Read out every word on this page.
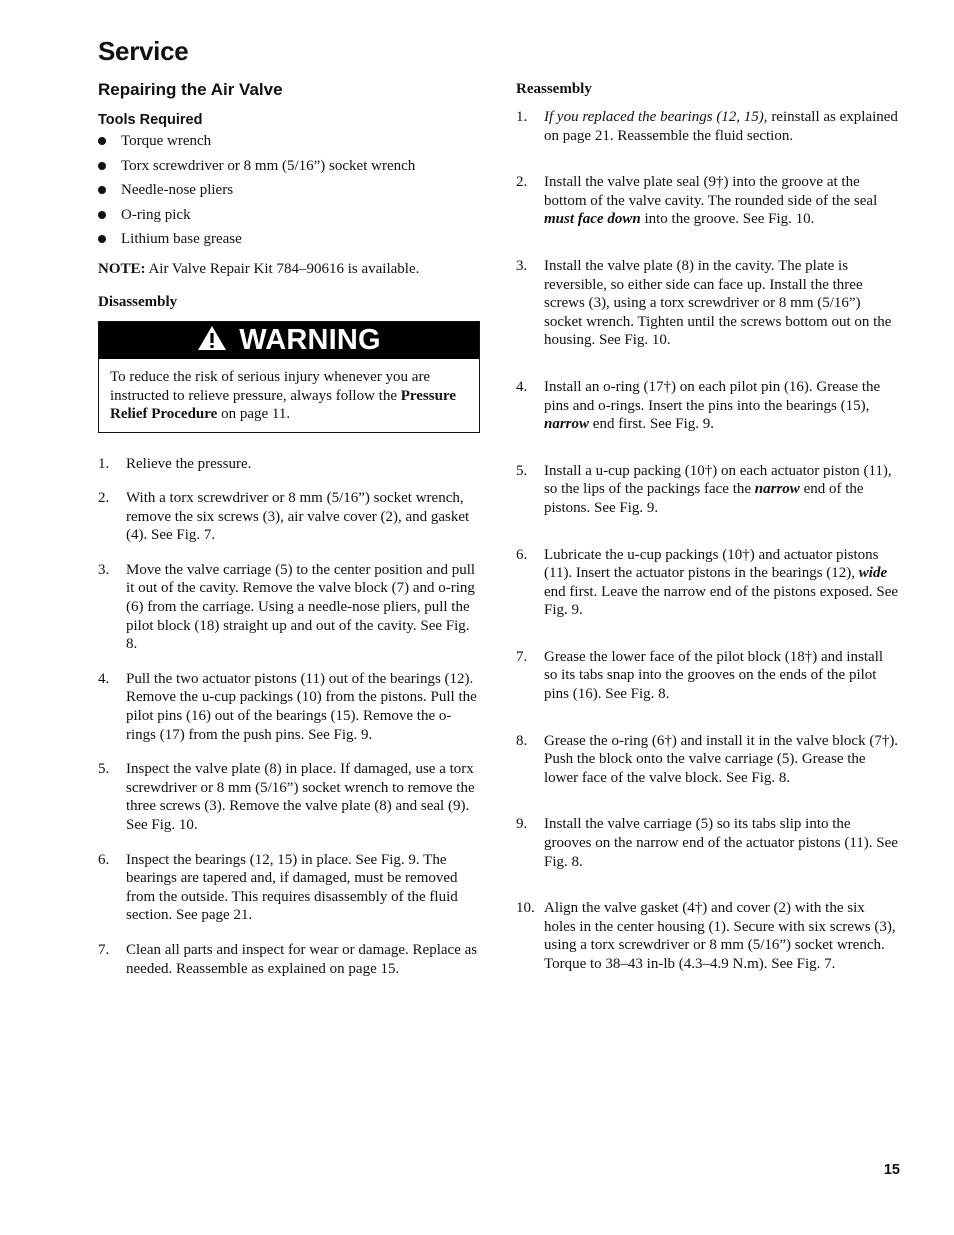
Service
Repairing the Air Valve
Tools Required
Torque wrench
Torx screwdriver or 8 mm (5/16”) socket wrench
Needle-nose pliers
O-ring pick
Lithium base grease

NOTE: Air Valve Repair Kit 784–90616 is available.

Disassembly
WARNING
To reduce the risk of serious injury whenever you are instructed to relieve pressure, always follow the Pressure Relief Procedure on page 11.
1. Relieve the pressure.
2. With a torx screwdriver or 8 mm (5/16”) socket wrench, remove the six screws (3), air valve cover (2), and gasket (4). See Fig. 7.
3. Move the valve carriage (5) to the center position and pull it out of the cavity. Remove the valve block (7) and o-ring (6) from the carriage. Using a needle-nose pliers, pull the pilot block (18) straight up and out of the cavity. See Fig. 8.
4. Pull the two actuator pistons (11) out of the bearings (12). Remove the u-cup packings (10) from the pistons. Pull the pilot pins (16) out of the bearings (15). Remove the o-rings (17) from the push pins. See Fig. 9.
5. Inspect the valve plate (8) in place. If damaged, use a torx screwdriver or 8 mm (5/16”) socket wrench to remove the three screws (3). Remove the valve plate (8) and seal (9). See Fig. 10.
6. Inspect the bearings (12, 15) in place. See Fig. 9. The bearings are tapered and, if damaged, must be removed from the outside. This requires disassembly of the fluid section. See page 21.
7. Clean all parts and inspect for wear or damage. Replace as needed. Reassemble as explained on page 15.
Reassembly
1. If you replaced the bearings (12, 15), reinstall as explained on page 21. Reassemble the fluid section.
2. Install the valve plate seal (9†) into the groove at the bottom of the valve cavity. The rounded side of the seal must face down into the groove. See Fig. 10.
3. Install the valve plate (8) in the cavity. The plate is reversible, so either side can face up. Install the three screws (3), using a torx screwdriver or 8 mm (5/16”) socket wrench. Tighten until the screws bottom out on the housing. See Fig. 10.
4. Install an o-ring (17†) on each pilot pin (16). Grease the pins and o-rings. Insert the pins into the bearings (15), narrow end first. See Fig. 9.
5. Install a u-cup packing (10†) on each actuator piston (11), so the lips of the packings face the narrow end of the pistons. See Fig. 9.
6. Lubricate the u-cup packings (10†) and actuator pistons (11). Insert the actuator pistons in the bearings (12), wide end first. Leave the narrow end of the pistons exposed. See Fig. 9.
7. Grease the lower face of the pilot block (18†) and install so its tabs snap into the grooves on the ends of the pilot pins (16). See Fig. 8.
8. Grease the o-ring (6†) and install it in the valve block (7†). Push the block onto the valve carriage (5). Grease the lower face of the valve block. See Fig. 8.
9. Install the valve carriage (5) so its tabs slip into the grooves on the narrow end of the actuator pistons (11). See Fig. 8.
10. Align the valve gasket (4†) and cover (2) with the six holes in the center housing (1). Secure with six screws (3), using a torx screwdriver or 8 mm (5/16”) socket wrench. Torque to 38–43 in-lb (4.3–4.9 N.m). See Fig. 7.
15
